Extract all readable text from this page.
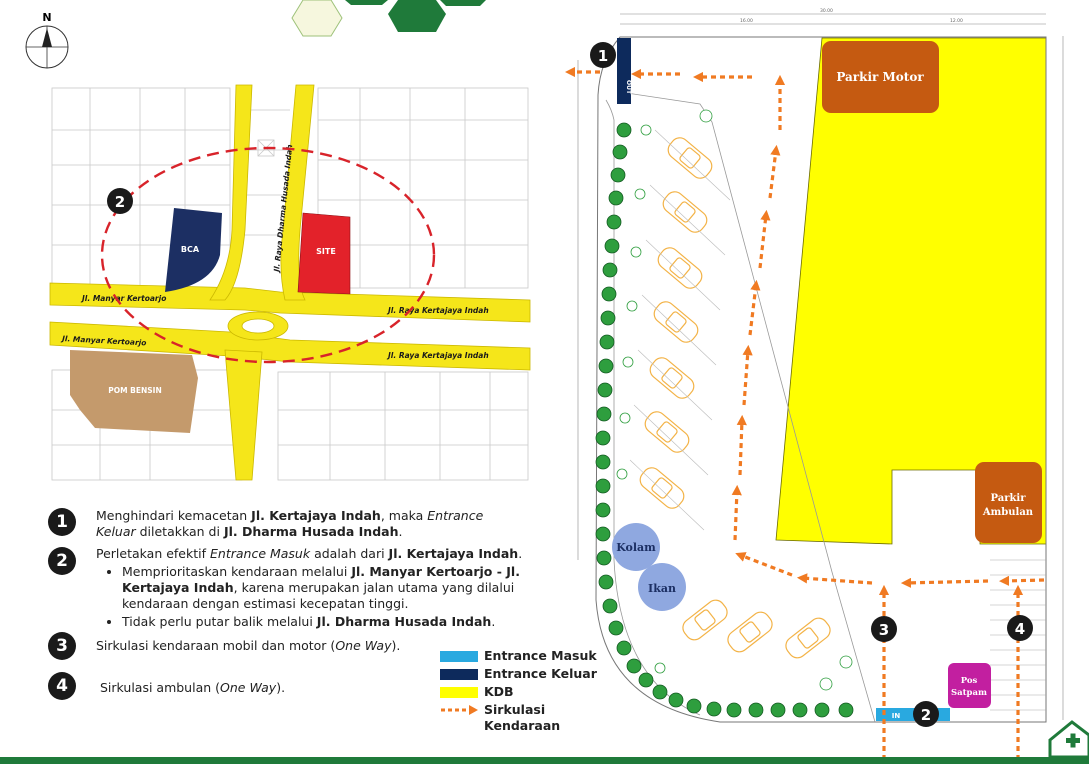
N
Jl. Manyar Kertoarjo
Jl. Manyar Kertoarjo
Jl. Raya Kertajaya Indah
Jl. Raya Kertajaya Indah
Jl. Raya Dharma Husada Indah
BCA	SITE
POM BENSIN
2
30.00
16.00	12.00
Kolam
Ikan
OUT
IN
Parkir Motor
Parkir
Ambulan
Pos
Satpam
1
2
3	4
1	Menghindari kemacetan Jl. Kertajaya Indah, maka Entrance Keluar diletakkan di Jl. Dharma Husada Indah.
2	Perletakan efektif Entrance Masuk adalah dari Jl. Kertajaya Indah.
• Memprioritaskan kendaraan melalui Jl. Manyar Kertoarjo - Jl. Kertajaya Indah, karena merupakan jalan utama yang dilalui kendaraan dengan estimasi kecepatan tinggi.
• Tidak perlu putar balik melalui Jl. Dharma Husada Indah.
3	Sirkulasi kendaraan mobil dan motor (One Way).
4	Sirkulasi ambulan (One Way).
Entrance Masuk
Entrance Keluar
KDB
Sirkulasi
Kendaraan
